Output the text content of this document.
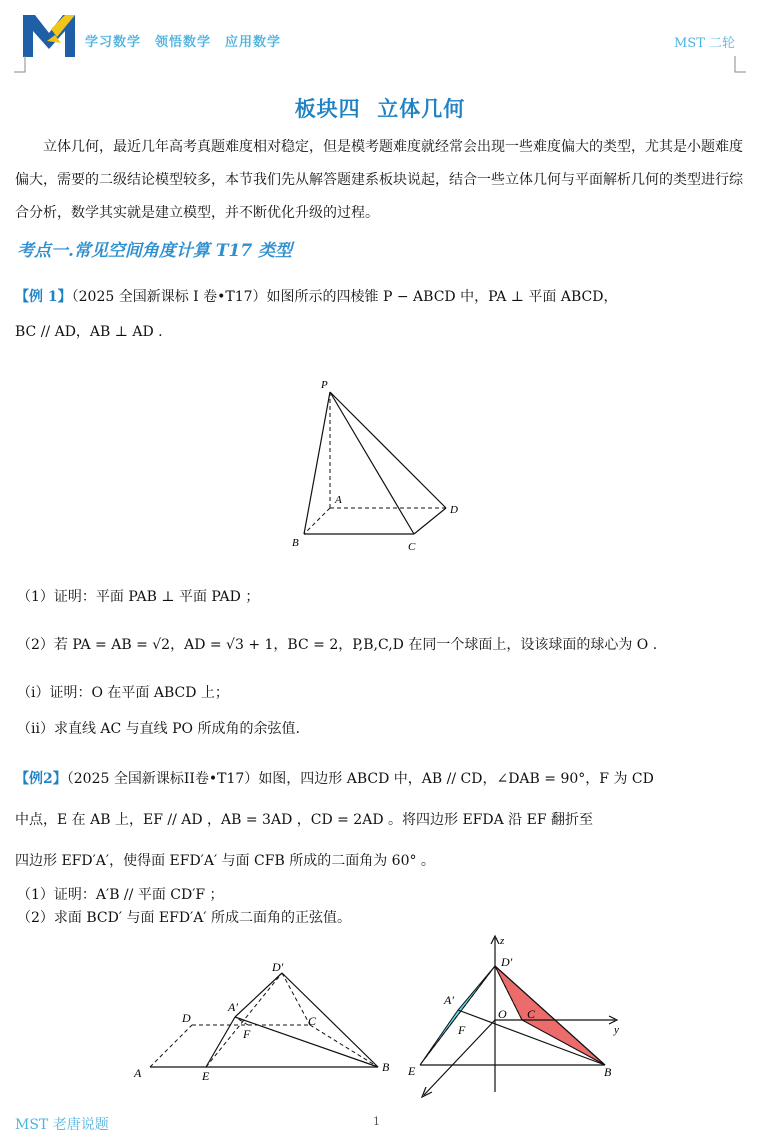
学习数学　领悟数学　应用数学	MST 二轮
板块四  立体几何
立体几何，最近几年高考真题难度相对稳定，但是模考题难度就经常会出现一些难度偏大的类型，尤其是小题难度偏大，需要的二级结论模型较多，本节我们先从解答题建系板块说起，结合一些立体几何与平面解析几何的类型进行综合分析，数学其实就是建立模型，并不断优化升级的过程。
考点一.常见空间角度计算 T17 类型
【例 1】（2025 全国新课标 I 卷•T17）如图所示的四棱锥 P − ABCD 中，PA ⊥ 平面 ABCD，
BC // AD，AB ⊥ AD .
P
A
B	C
D
（1）证明：平面 PAB ⊥ 平面 PAD ；
（2）若 PA = AB = √2，AD = √3 + 1，BC = 2，P,B,C,D 在同一个球面上，设该球面的球心为 O .
（i）证明：O 在平面 ABCD 上；
（ii）求直线 AC 与直线 PO 所成角的余弦值.
【例2】（2025 全国新课标II卷•T17）如图，四边形 ABCD 中，AB // CD，∠DAB = 90°，F 为 CD
中点，E 在 AB 上，EF // AD ，AB = 3AD ，CD = 2AD 。将四边形 EFDA 沿 EF 翻折至
四边形 EFD′A′，使得面 EFD′A′ 与面 CFB 所成的二面角为 60° 。
（1）证明：A′B // 平面 CD′F ；
（2）求面 BCD′ 与面 EFD′A′ 所成二面角的正弦值。
D′
A′
D	C
F
A	E
B
z
D′
A′
O C
F	y
E	B
MST 老唐说题	1
